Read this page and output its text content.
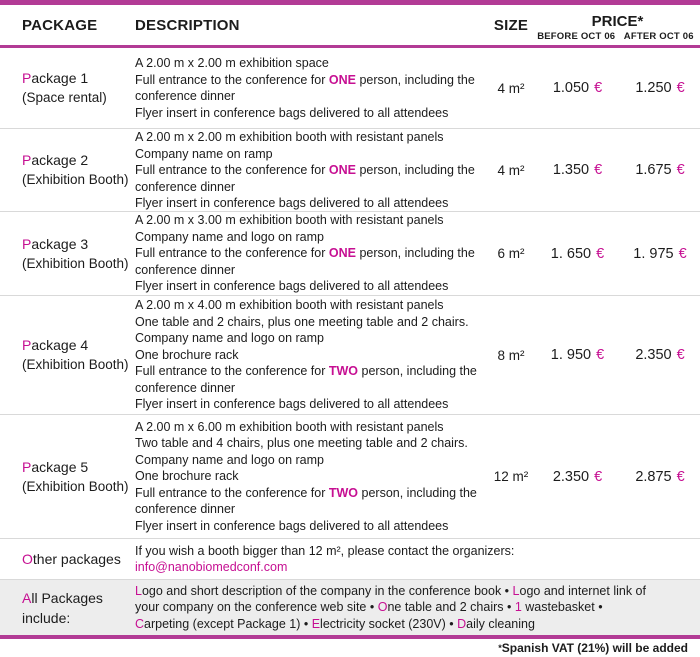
PACKAGE	DESCRIPTION	SIZE	PRICE*
BEFORE OCT 06 AFTER OCT 06
Package 1
(Space rental)
A 2.00 m x 2.00 m exhibition space
Full entrance to the conference for ONE person, including the conference dinner
Flyer insert in conference bags delivered to all attendees
4 m²	1.050 €	1.250 €
Package 2
(Exhibition Booth)
A 2.00 m x 2.00 m exhibition booth with resistant panels
Company name on ramp
Full entrance to the conference for ONE person, including the conference dinner
Flyer insert in conference bags delivered to all attendees
4 m²	1.350 €	1.675 €
Package 3
(Exhibition Booth)
A 2.00 m x 3.00 m exhibition booth with resistant panels
Company name and logo on ramp
Full entrance to the conference for ONE person, including the conference dinner
Flyer insert in conference bags delivered to all attendees
6 m²	1. 650 €	1. 975 €
Package 4
(Exhibition Booth)
A 2.00 m x 4.00 m exhibition booth with resistant panels
One table and 2 chairs, plus one meeting table and 2 chairs.
Company name and logo on ramp
One brochure rack
Full entrance to the conference for TWO person, including the conference dinner
Flyer insert in conference bags delivered to all attendees
8 m²	1. 950 €	2.350 €
Package 5
(Exhibition Booth)
A 2.00 m x 6.00 m exhibition booth with resistant panels
Two table and 4 chairs, plus one meeting table and 2 chairs.
Company name and logo on ramp
One brochure rack
Full entrance to the conference for TWO person, including the conference dinner
Flyer insert in conference bags delivered to all attendees
12 m²	2.350 €	2.875 €
Other packages
If you wish a booth bigger than 12 m², please contact the organizers:
info@nanobiomedconf.com
All Packages include:
Logo and short description of the company in the conference book • Logo and internet link of your company on the conference web site • One table and 2 chairs • 1 wastebasket • Carpeting (except Package 1) • Electricity socket (230V) • Daily cleaning
* Spanish VAT (21%) will be added
